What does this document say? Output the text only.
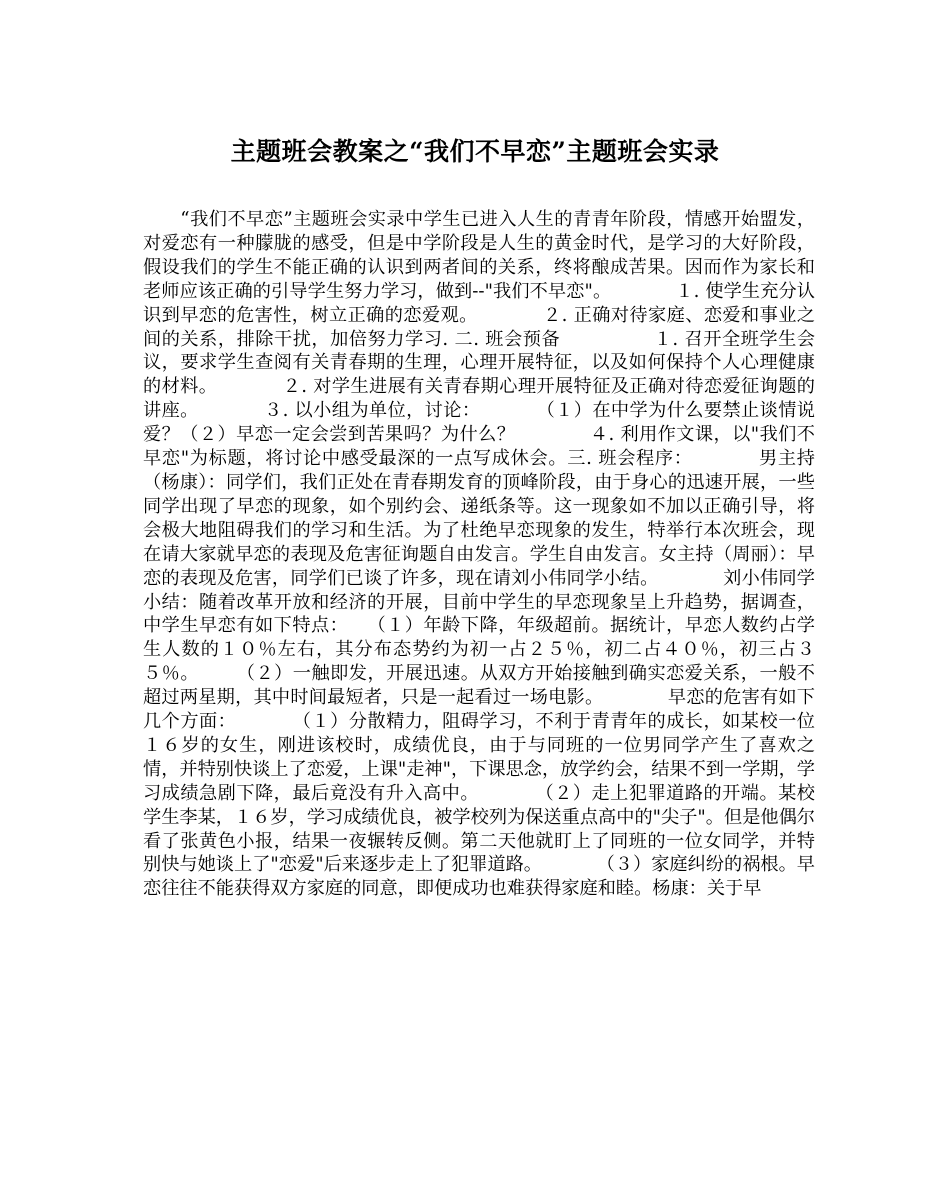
主题班会教案之“我们不早恋”主题班会实录
　　“我们不早恋”主题班会实录中学生已进入人生的青青年阶段，情感开始盟发，对爱恋有一种朦胧的感受，但是中学阶段是人生的黄金时代，是学习的大好阶段，假设我们的学生不能正确的认识到两者间的关系，终将酿成苦果。因而作为家长和老师应该正确的引导学生努力学习，做到--"我们不早恋"。　　　　１. 使学生充分认识到早恋的危害性，树立正确的恋爱观。　　　　２. 正确对待家庭、恋爱和事业之间的关系，排除干扰，加倍努力学习. 二. 班会预备　　　　　１. 召开全班学生会议，要求学生查阅有关青春期的生理，心理开展特征，以及如何保持个人心理健康的材料。　　　　２. 对学生进展有关青春期心理开展特征及正确对待恋爱征询题的讲座。　　　　３. 以小组为单位，讨论：　　　　（１）在中学为什么要禁止谈情说爱？（２）早恋一定会尝到苦果吗？为什么？　　　　４. 利用作文课，以"我们不早恋"为标题，将讨论中感受最深的一点写成休会。三. 班会程序：　　　　男主持（杨康）：同学们，我们正处在青春期发育的顶峰阶段，由于身心的迅速开展，一些同学出现了早恋的现象，如个别约会、递纸条等。这一现象如不加以正确引导，将会极大地阻碍我们的学习和生活。为了杜绝早恋现象的发生，特举行本次班会，现在请大家就早恋的表现及危害征询题自由发言。学生自由发言。女主持（周丽）：早恋的表现及危害，同学们已谈了许多，现在请刘小伟同学小结。　　　　刘小伟同学小结：随着改革开放和经济的开展，目前中学生的早恋现象呈上升趋势，据调查，中学生早恋有如下特点：　　（１）年龄下降，年级超前。据统计，早恋人数约占学生人数的１０％左右，其分布态势约为初一占２５％，初二占４０％，初三占３５％。　　　（２）一触即发，开展迅速。从双方开始接触到确实恋爱关系，一般不超过两星期，其中时间最短者，只是一起看过一场电影。　　　　早恋的危害有如下几个方面：　　　　（１）分散精力，阻碍学习，不利于青青年的成长，如某校一位１６岁的女生，刚进该校时，成绩优良，由于与同班的一位男同学产生了喜欢之情，并特别快谈上了恋爱，上课"走神"，下课思念，放学约会，结果不到一学期，学习成绩急剧下降，最后竟没有升入高中。　　　　（２）走上犯罪道路的开端。某校学生李某，１６岁，学习成绩优良，被学校列为保送重点高中的"尖子"。但是他偶尔看了张黄色小报，结果一夜辗转反侧。第二天他就盯上了同班的一位女同学，并特别快与她谈上了"恋爱"后来逐步走上了犯罪道路。　　　　（３）家庭纠纷的祸根。早恋往往不能获得双方家庭的同意，即便成功也难获得家庭和睦。杨康：关于早
